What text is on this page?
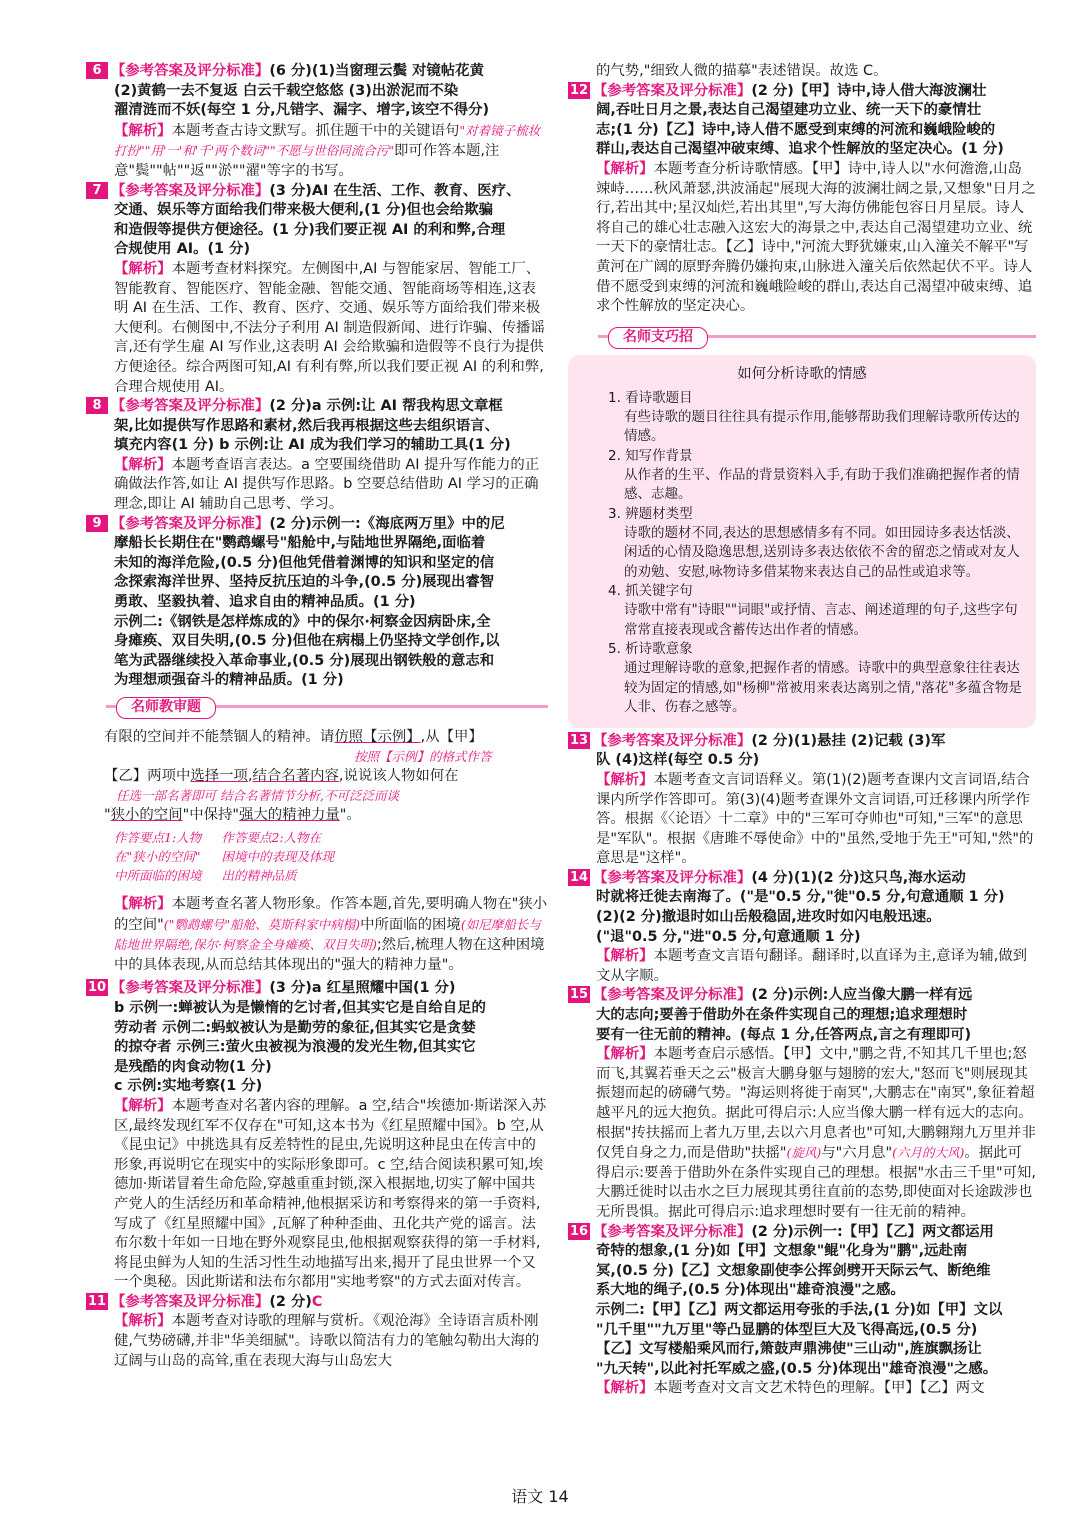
6 【参考答案及评分标准】(6 分)(1)当窗理云鬓 对镜帖花黄
(2)黄鹤一去不复返 白云千载空悠悠 (3)出淤泥而不染
濯清涟而不妖(每空 1 分,凡错字、漏字、增字,该空不得分)
【解析】本题考查古诗文默写。抓住题干中的关键语句"对着镜子梳妆打扮""用'一'和'千'两个数词""不愿与世俗同流合污"即可作答本题,注意"鬓""帖""返""淤""濯"等字的书写。
7 【参考答案及评分标准】(3 分)AI 在生活、工作、教育、医疗、
交通、娱乐等方面给我们带来极大便利,(1 分)但也会给欺骗
和造假等提供方便途径。(1 分)我们要正视 AI 的利和弊,合理
合规使用 AI。(1 分)
【解析】本题考查材料探究。左侧图中,AI 与智能家居、智能工厂、智能教育、智能医疗、智能金融、智能交通、智能商场等相连,这表明 AI 在生活、工作、教育、医疗、交通、娱乐等方面给我们带来极大便利。右侧图中,不法分子利用 AI 制造假新闻、进行诈骗、传播谣言,还有学生雇 AI 写作业,这表明 AI 会给欺骗和造假等不良行为提供方便途径。综合两图可知,AI 有利有弊,所以我们要正视 AI 的利和弊,合理合规使用 AI。
8 【参考答案及评分标准】(2 分)a 示例:让 AI 帮我构思文章框
架,比如提供写作思路和素材,然后我再根据这些去组织语言、
填充内容(1 分) b 示例:让 AI 成为我们学习的辅助工具(1 分)
【解析】本题考查语言表达。a 空要围绕借助 AI 提升写作能力的正确做法作答,如让 AI 提供写作思路。b 空要总结借助 AI 学习的正确理念,即让 AI 辅助自己思考、学习。
9 【参考答案及评分标准】(2 分)示例一:《海底两万里》中的尼
摩船长长期住在"鹦鹉螺号"船舱中,与陆地世界隔绝,面临着
未知的海洋危险,(0.5 分)但他凭借着渊博的知识和坚定的信
念探索海洋世界、坚持反抗压迫的斗争,(0.5 分)展现出睿智
勇敢、坚毅执着、追求自由的精神品质。(1 分)
示例二:《钢铁是怎样炼成的》中的保尔·柯察金因病卧床,全
身瘫痪、双目失明,(0.5 分)但他在病榻上仍坚持文学创作,以
笔为武器继续投入革命事业,(0.5 分)展现出钢铁般的意志和
为理想顽强奋斗的精神品质。(1 分)
名师教审题
有限的空间并不能禁锢人的精神。请仿照【示例】,从【甲】
按照【示例】的格式作答
【乙】两项中选择一项,结合名著内容,说说该人物如何在
任选一部名著即可 结合名著情节分析,不可泛泛而谈
"狭小的空间"中保持"强大的精神力量"。
作答要点1:人物
在"狭小的空间"
中所面临的困境
作答要点2:人物在
困境中的表现及体现
出的精神品质
【解析】本题考查名著人物形象。作答本题,首先,要明确人物在"狭小的空间"("鹦鹉螺号"船舱、莫斯科家中病榻)中所面临的困境(如尼摩船长与陆地世界隔绝,保尔·柯察金全身瘫痪、双目失明);然后,梳理人物在这种困境中的具体表现,从而总结其体现出的"强大的精神力量"。
10 【参考答案及评分标准】(3 分)a 红星照耀中国(1 分)
b 示例一:蝉被认为是懒惰的乞讨者,但其实它是自给自足的
劳动者 示例二:蚂蚁被认为是勤劳的象征,但其实它是贪婪
的掠夺者 示例三:萤火虫被视为浪漫的发光生物,但其实它
是残酷的肉食动物(1 分)
c 示例:实地考察(1 分)
【解析】本题考查对名著内容的理解。a 空,结合"埃德加·斯诺深入苏区,最终发现红军不仅存在"可知,这本书为《红星照耀中国》。b 空,从《昆虫记》中挑选具有反差特性的昆虫,先说明这种昆虫在传言中的形象,再说明它在现实中的实际形象即可。c 空,结合阅读积累可知,埃德加·斯诺冒着生命危险,穿越重重封锁,深入根据地,切实了解中国共产党人的生活经历和革命精神,他根据采访和考察得来的第一手资料,写成了《红星照耀中国》,瓦解了种种歪曲、丑化共产党的谣言。法布尔数十年如一日地在野外观察昆虫,他根据观察获得的第一手材料,将昆虫鲜为人知的生活习性生动地描写出来,揭开了昆虫世界一个又一个奥秘。因此斯诺和法布尔都用"实地考察"的方式去面对传言。
11 【参考答案及评分标准】(2 分)C
【解析】本题考查对诗歌的理解与赏析。《观沧海》全诗语言质朴刚健,气势磅礴,并非"华美细腻"。诗歌以简洁有力的笔触勾勒出大海的辽阔与山岛的高耸,重在表现大海与山岛宏大
的气势,"细致人微的描摹"表述错误。故选 C。
12 【参考答案及评分标准】(2 分)【甲】诗中,诗人借大海波澜壮
阔,吞吐日月之景,表达自己渴望建功立业、统一天下的豪情壮
志;(1 分)【乙】诗中,诗人借不愿受到束缚的河流和巍峨险峻的
群山,表达自己渴望冲破束缚、追求个性解放的坚定决心。(1 分)
【解析】本题考查分析诗歌情感。【甲】诗中,诗人以"水何澹澹,山岛竦峙……秋风萧瑟,洪波涌起"展现大海的波澜壮阔之景,又想象"日月之行,若出其中;星汉灿烂,若出其里",写大海仿佛能包容日月星辰。诗人将自己的雄心壮志融入这宏大的海景之中,表达自己渴望建功立业、统一天下的豪情壮志。【乙】诗中,"河流大野犹嫌束,山入潼关不解平"写黄河在广阔的原野奔腾仍嫌拘束,山脉进入潼关后依然起伏不平。诗人借不愿受到束缚的河流和巍峨险峻的群山,表达自己渴望冲破束缚、追求个性解放的坚定决心。
名师支巧招
如何分析诗歌的情感
1. 看诗歌题目
有些诗歌的题目往往具有提示作用,能够帮助我们理解诗歌所传达的情感。
2. 知写作背景
从作者的生平、作品的背景资料入手,有助于我们准确把握作者的情感、志趣。
3. 辨题材类型
诗歌的题材不同,表达的思想感情多有不同。如田园诗多表达恬淡、闲适的心情及隐逸思想,送别诗多表达依依不舍的留恋之情或对友人的劝勉、安慰,咏物诗多借某物来表达自己的品性或追求等。
4. 抓关键字句
诗歌中常有"诗眼""词眼"或抒情、言志、阐述道理的句子,这些字句常常直接表现或含蓄传达出作者的情感。
5. 析诗歌意象
通过理解诗歌的意象,把握作者的情感。诗歌中的典型意象往往表达较为固定的情感,如"杨柳"常被用来表达离别之情,"落花"多蕴含物是人非、伤春之感等。
13 【参考答案及评分标准】(2 分)(1)悬挂 (2)记载 (3)军
队 (4)这样(每空 0.5 分)
【解析】本题考查文言词语释义。第(1)(2)题考查课内文言词语,结合课内所学作答即可。第(3)(4)题考查课外文言词语,可迁移课内所学作答。根据《〈论语〉十二章》中的"三军可夺帅也"可知,"三军"的意思是"军队"。根据《唐雎不辱使命》中的"虽然,受地于先王"可知,"然"的意思是"这样"。
14 【参考答案及评分标准】(4 分)(1)(2 分)这只鸟,海水运动
时就将迁徙去南海了。("是"0.5 分,"徙"0.5 分,句意通顺 1 分)
(2)(2 分)撤退时如山岳般稳固,进攻时如闪电般迅速。
("退"0.5 分,"进"0.5 分,句意通顺 1 分)
【解析】本题考查文言语句翻译。翻译时,以直译为主,意译为辅,做到文从字顺。
15 【参考答案及评分标准】(2 分)示例:人应当像大鹏一样有远
大的志向;要善于借助外在条件实现自己的理想;追求理想时
要有一往无前的精神。(每点 1 分,任答两点,言之有理即可)
【解析】本题考查启示感悟。【甲】文中,"鹏之背,不知其几千里也;怒而飞,其翼若垂天之云"极言大鹏身躯与翅膀的宏大,"怒而飞"则展现其振翅而起的磅礴气势。"海运则将徙于南冥",大鹏志在"南冥",象征着超越平凡的远大抱负。据此可得启示:人应当像大鹏一样有远大的志向。根据"抟扶摇而上者九万里,去以六月息者也"可知,大鹏翱翔九万里并非仅凭自身之力,而是借助"扶摇"(旋风)与"六月息"(六月的大风)。据此可得启示:要善于借助外在条件实现自己的理想。根据"水击三千里"可知,大鹏迁徙时以击水之巨力展现其勇往直前的态势,即使面对长途跋涉也无所畏惧。据此可得启示:追求理想时要有一往无前的精神。
16 【参考答案及评分标准】(2 分)示例一:【甲】【乙】两文都运用
奇特的想象,(1 分)如【甲】文想象"鲲"化身为"鹏",远赴南
冥,(0.5 分)【乙】文想象副使李公挥剑劈开天际云气、断绝维
系大地的绳子,(0.5 分)体现出"雄奇浪漫"之感。
示例二:【甲】【乙】两文都运用夸张的手法,(1 分)如【甲】文以
"几千里""九万里"等凸显鹏的体型巨大及飞得高远,(0.5 分)
【乙】文写楼船乘风而行,箫鼓声鼎沸使"三山动",旌旗飘扬让
"九天转",以此衬托军威之盛,(0.5 分)体现出"雄奇浪漫"之感。
【解析】本题考查对文言文艺术特色的理解。【甲】【乙】两文
语文 14
